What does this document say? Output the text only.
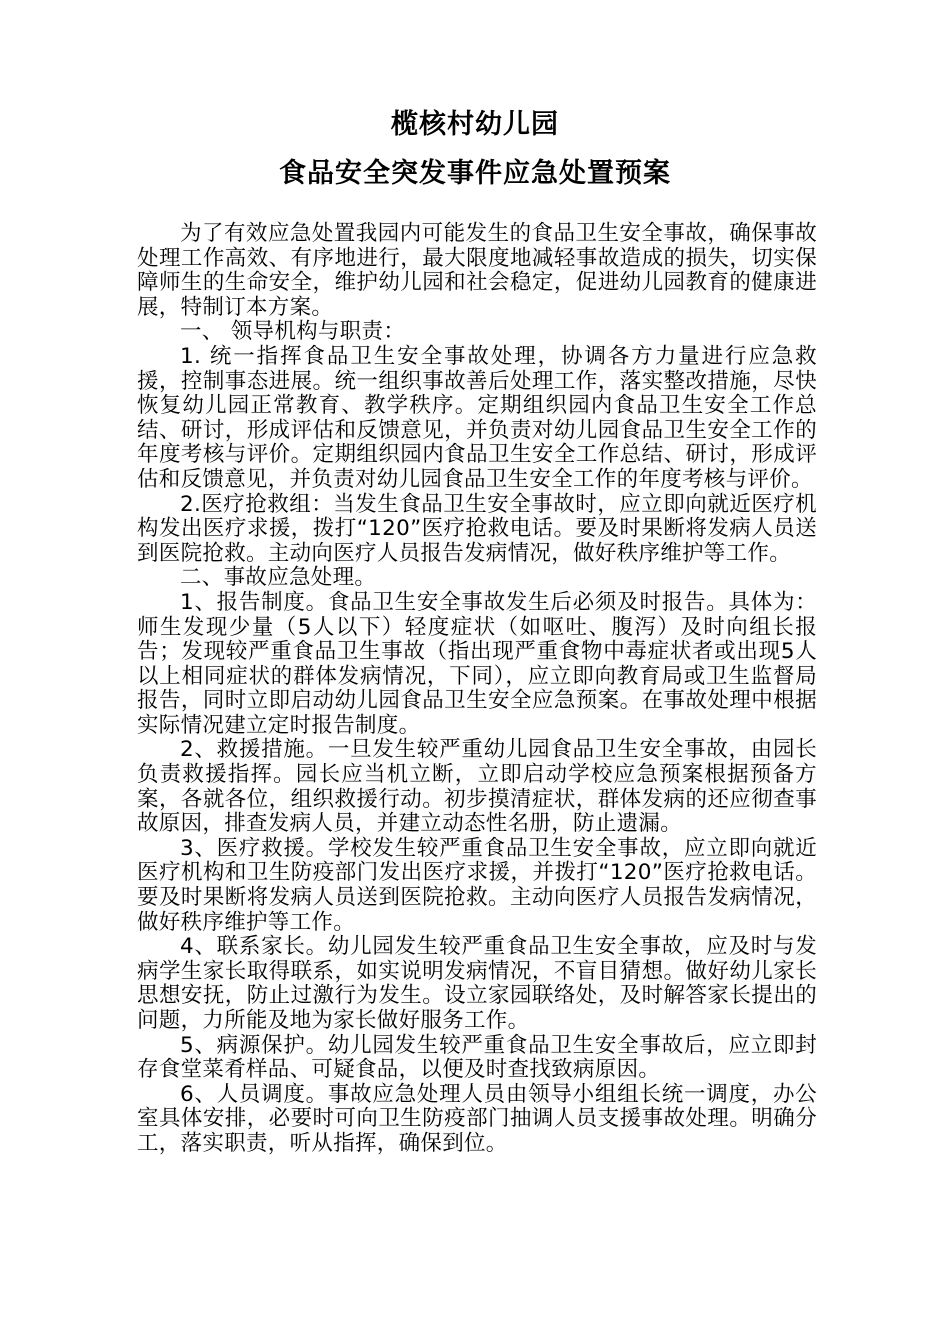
榄核村幼儿园
食品安全突发事件应急处置预案

为了有效应急处置我园内可能发生的食品卫生安全事故，确保事故处理工作高效、有序地进行，最大限度地减轻事故造成的损失，切实保障师生的生命安全，维护幼儿园和社会稳定，促进幼儿园教育的健康进展，特制订本方案。

一、 领导机构与职责：

1. 统一指挥食品卫生安全事故处理，协调各方力量进行应急救援，控制事态进展。统一组织事故善后处理工作，落实整改措施，尽快恢复幼儿园正常教育、教学秩序。定期组织园内食品卫生安全工作总结、研讨，形成评估和反馈意见，并负责对幼儿园食品卫生安全工作的年度考核与评价。定期组织园内食品卫生安全工作总结、研讨，形成评估和反馈意见，并负责对幼儿园食品卫生安全工作的年度考核与评价。

2.医疗抢救组：当发生食品卫生安全事故时，应立即向就近医疗机构发出医疗求援，拨打“120”医疗抢救电话。要及时果断将发病人员送到医院抢救。主动向医疗人员报告发病情况，做好秩序维护等工作。

二、事故应急处理。

1、报告制度。食品卫生安全事故发生后必须及时报告。具体为：师生发现少量（5人以下）轻度症状（如呕吐、腹泻）及时向组长报告；发现较严重食品卫生事故（指出现严重食物中毒症状者或出现5人以上相同症状的群体发病情况，下同），应立即向教育局或卫生监督局报告，同时立即启动幼儿园食品卫生安全应急预案。在事故处理中根据实际情况建立定时报告制度。

2、救援措施。一旦发生较严重幼儿园食品卫生安全事故，由园长负责救援指挥。园长应当机立断，立即启动学校应急预案根据预备方案，各就各位，组织救援行动。初步摸清症状，群体发病的还应彻查事故原因，排查发病人员，并建立动态性名册，防止遗漏。

3、医疗救援。学校发生较严重食品卫生安全事故，应立即向就近医疗机构和卫生防疫部门发出医疗求援，并拨打“120”医疗抢救电话。要及时果断将发病人员送到医院抢救。主动向医疗人员报告发病情况，做好秩序维护等工作。

4、联系家长。幼儿园发生较严重食品卫生安全事故，应及时与发病学生家长取得联系，如实说明发病情况，不盲目猜想。做好幼儿家长思想安抚，防止过激行为发生。设立家园联络处，及时解答家长提出的问题，力所能及地为家长做好服务工作。

5、病源保护。幼儿园发生较严重食品卫生安全事故后，应立即封存食堂菜肴样品、可疑食品，以便及时查找致病原因。

6、人员调度。事故应急处理人员由领导小组组长统一调度，办公室具体安排，必要时可向卫生防疫部门抽调人员支援事故处理。明确分工，落实职责，听从指挥，确保到位。
